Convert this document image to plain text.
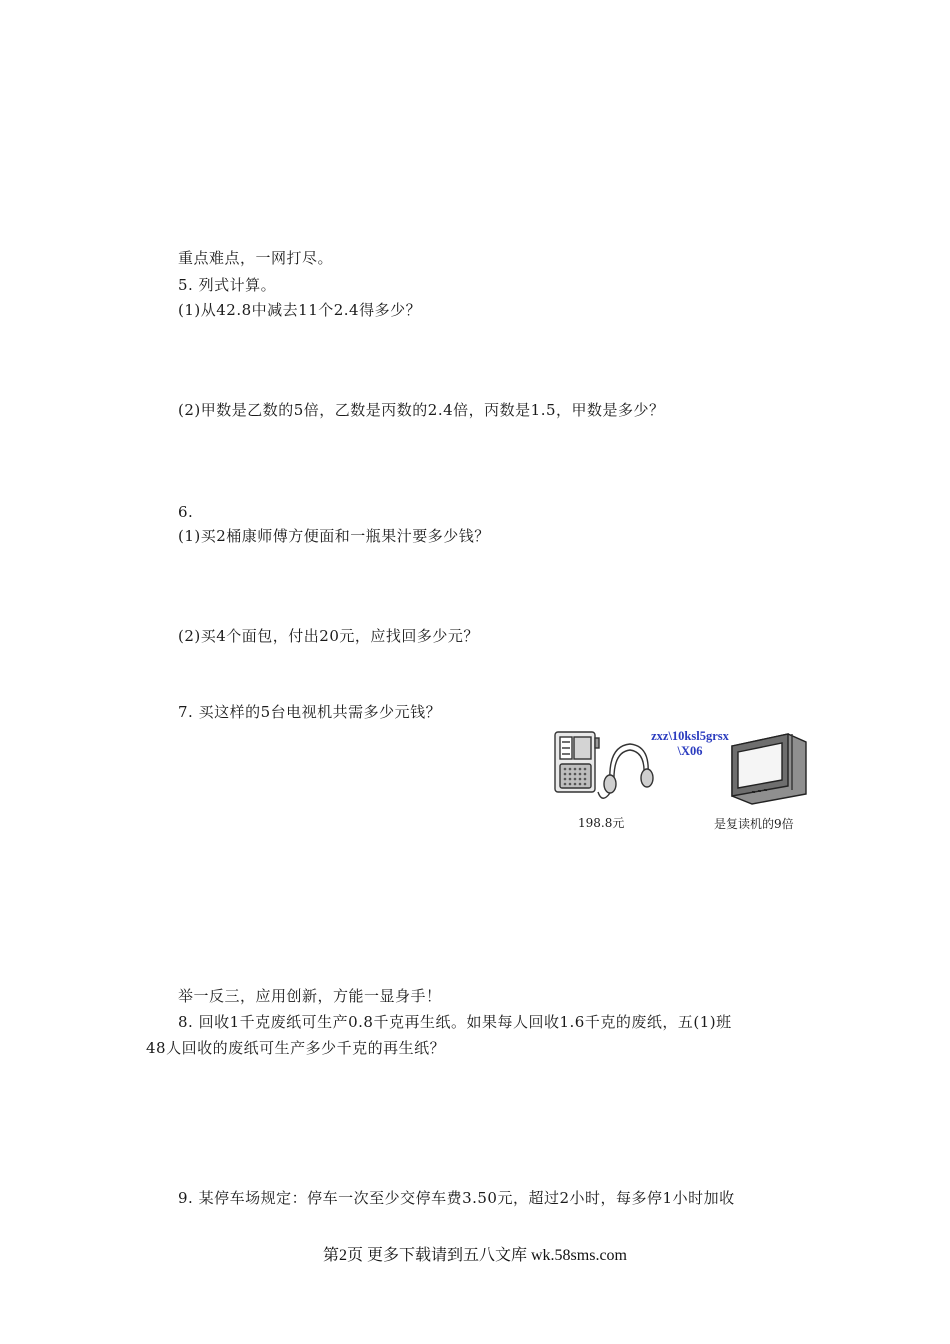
重点难点，一网打尽。
5. 列式计算。
(1)从42.8中减去11个2.4得多少？
(2)甲数是乙数的5倍，乙数是丙数的2.4倍，丙数是1.5，甲数是多少？
6.
(1)买2桶康师傅方便面和一瓶果汁要多少钱？
(2)买4个面包，付出20元，应找回多少元？
7. 买这样的5台电视机共需多少元钱？
zxz\10ksl5grsx
\X06
198.8元	是复读机的9倍
举一反三，应用创新，方能一显身手！
8. 回收1千克废纸可生产0.8千克再生纸。如果每人回收1.6千克的废纸，五(1)班
48人回收的废纸可生产多少千克的再生纸？
9. 某停车场规定：停车一次至少交停车费3.50元，超过2小时，每多停1小时加收
第2页 更多下载请到五八文库 wk.58sms.com
